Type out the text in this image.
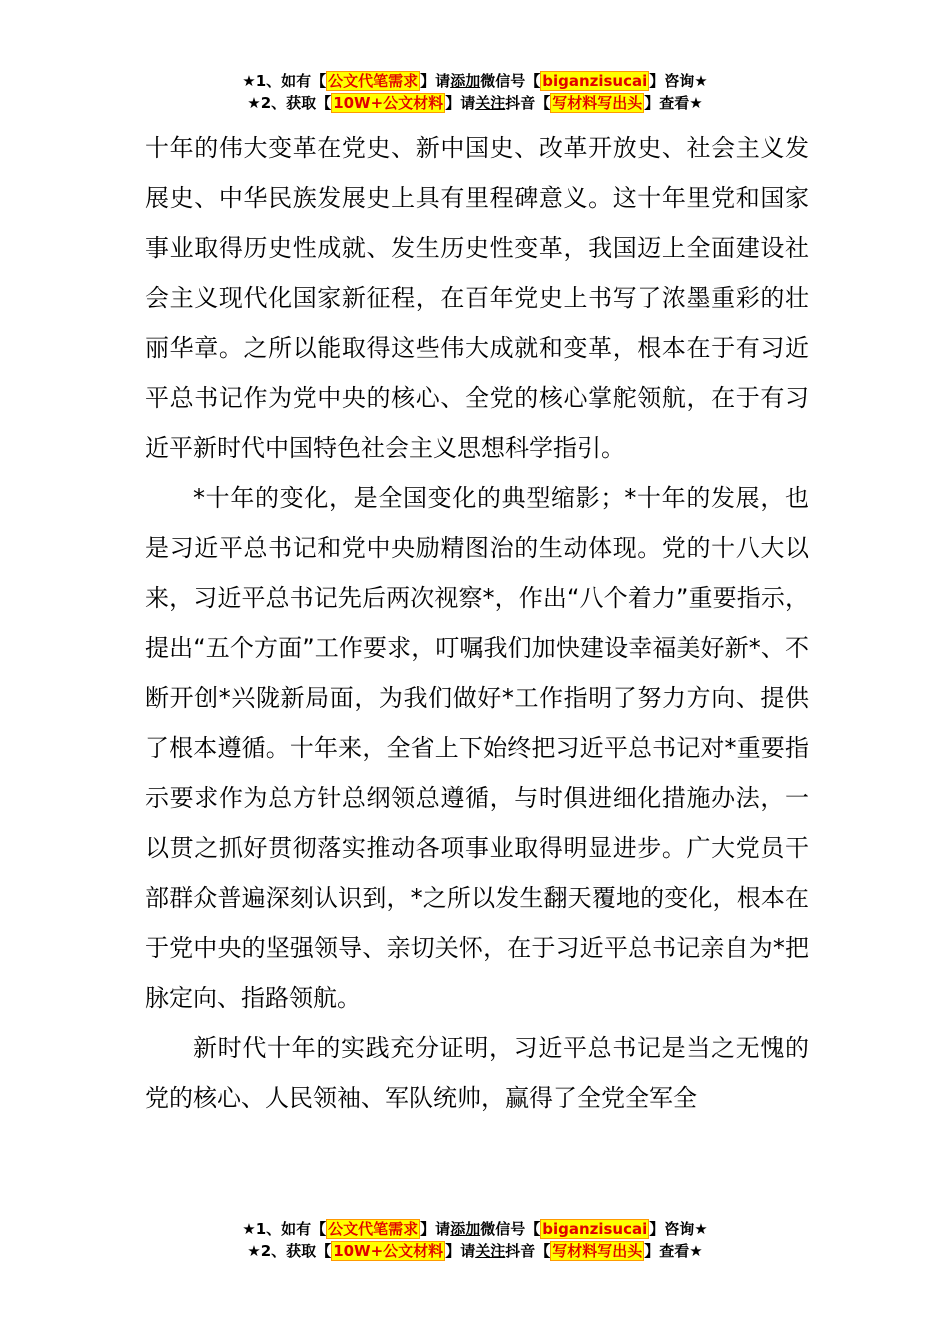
★1、如有【 公文代笔需求 】请添加微信号【 biganzisucai 】咨询★
★2、获取【 10W+公文材料 】请关注抖音【 写材料写出头 】查看★

十年的伟大变革在党史、新中国史、改革开放史、社会主义发展史、中华民族发展史上具有里程碑意义。这十年里党和国家事业取得历史性成就、发生历史性变革，我国迈上全面建设社会主义现代化国家新征程，在百年党史上书写了浓墨重彩的壮丽华章。之所以能取得这些伟大成就和变革，根本在于有习近平总书记作为党中央的核心、全党的核心掌舵领航，在于有习近平新时代中国特色社会主义思想科学指引。

*十年的变化，是全国变化的典型缩影；*十年的发展，也是习近平总书记和党中央励精图治的生动体现。党的十八大以来，习近平总书记先后两次视察*，作出“八个着力”重要指示，提出“五个方面”工作要求，叮嘱我们加快建设幸福美好新*、不断开创*兴陇新局面，为我们做好*工作指明了努力方向、提供了根本遵循。十年来，全省上下始终把习近平总书记对*重要指示要求作为总方针总纲领总遵循，与时俱进细化措施办法，一以贯之抓好贯彻落实推动各项事业取得明显进步。广大党员干部群众普遍深刻认识到，*之所以发生翻天覆地的变化，根本在于党中央的坚强领导、亲切关怀，在于习近平总书记亲自为*把脉定向、指路领航。

新时代十年的实践充分证明，习近平总书记是当之无愧的党的核心、人民领袖、军队统帅，赢得了全党全军全

★1、如有【 公文代笔需求 】请添加微信号【 biganzisucai 】咨询★
★2、获取【 10W+公文材料 】请关注抖音【 写材料写出头 】查看★
